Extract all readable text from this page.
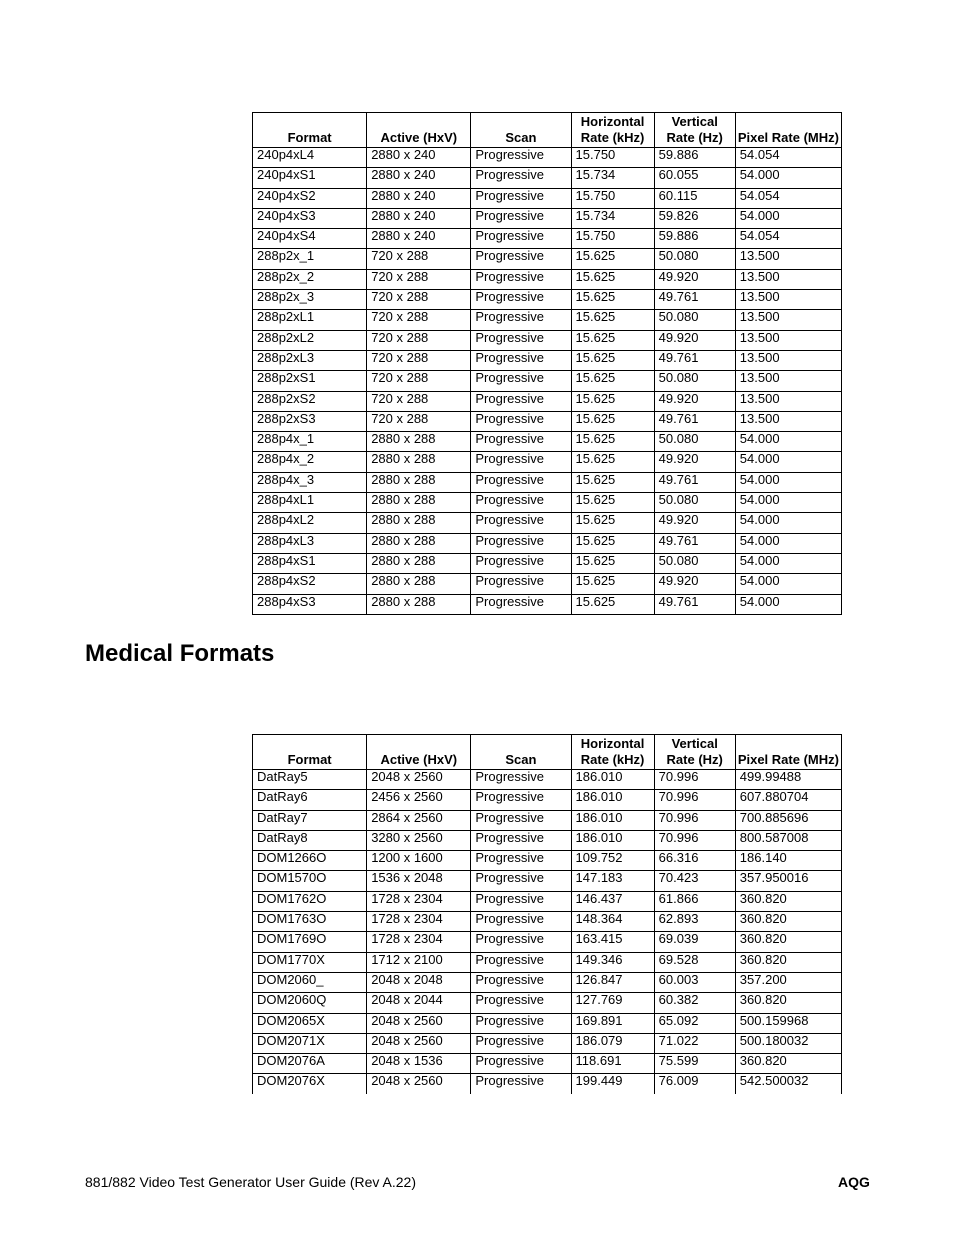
Format	Active (HxV)	Scan	Horizontal Rate (kHz)	Vertical Rate (Hz)	Pixel Rate (MHz)
240p4xL4	2880 x 240	Progressive	15.750	59.886	54.054
240p4xS1	2880 x 240	Progressive	15.734	60.055	54.000
240p4xS2	2880 x 240	Progressive	15.750	60.115	54.054
240p4xS3	2880 x 240	Progressive	15.734	59.826	54.000
240p4xS4	2880 x 240	Progressive	15.750	59.886	54.054
288p2x_1	720 x 288	Progressive	15.625	50.080	13.500
288p2x_2	720 x 288	Progressive	15.625	49.920	13.500
288p2x_3	720 x 288	Progressive	15.625	49.761	13.500
288p2xL1	720 x 288	Progressive	15.625	50.080	13.500
288p2xL2	720 x 288	Progressive	15.625	49.920	13.500
288p2xL3	720 x 288	Progressive	15.625	49.761	13.500
288p2xS1	720 x 288	Progressive	15.625	50.080	13.500
288p2xS2	720 x 288	Progressive	15.625	49.920	13.500
288p2xS3	720 x 288	Progressive	15.625	49.761	13.500
288p4x_1	2880 x 288	Progressive	15.625	50.080	54.000
288p4x_2	2880 x 288	Progressive	15.625	49.920	54.000
288p4x_3	2880 x 288	Progressive	15.625	49.761	54.000
288p4xL1	2880 x 288	Progressive	15.625	50.080	54.000
288p4xL2	2880 x 288	Progressive	15.625	49.920	54.000
288p4xL3	2880 x 288	Progressive	15.625	49.761	54.000
288p4xS1	2880 x 288	Progressive	15.625	50.080	54.000
288p4xS2	2880 x 288	Progressive	15.625	49.920	54.000
288p4xS3	2880 x 288	Progressive	15.625	49.761	54.000
Medical Formats
Format	Active (HxV)	Scan	Horizontal Rate (kHz)	Vertical Rate (Hz)	Pixel Rate (MHz)
DatRay5	2048 x 2560	Progressive	186.010	70.996	499.99488
DatRay6	2456 x 2560	Progressive	186.010	70.996	607.880704
DatRay7	2864 x 2560	Progressive	186.010	70.996	700.885696
DatRay8	3280 x 2560	Progressive	186.010	70.996	800.587008
DOM1266O	1200 x 1600	Progressive	109.752	66.316	186.140
DOM1570O	1536 x 2048	Progressive	147.183	70.423	357.950016
DOM1762O	1728 x 2304	Progressive	146.437	61.866	360.820
DOM1763O	1728 x 2304	Progressive	148.364	62.893	360.820
DOM1769O	1728 x 2304	Progressive	163.415	69.039	360.820
DOM1770X	1712 x 2100	Progressive	149.346	69.528	360.820
DOM2060_	2048 x 2048	Progressive	126.847	60.003	357.200
DOM2060Q	2048 x 2044	Progressive	127.769	60.382	360.820
DOM2065X	2048 x 2560	Progressive	169.891	65.092	500.159968
DOM2071X	2048 x 2560	Progressive	186.079	71.022	500.180032
DOM2076A	2048 x 1536	Progressive	118.691	75.599	360.820
DOM2076X	2048 x 2560	Progressive	199.449	76.009	542.500032
881/882 Video Test Generator User Guide (Rev A.22)	AQG
